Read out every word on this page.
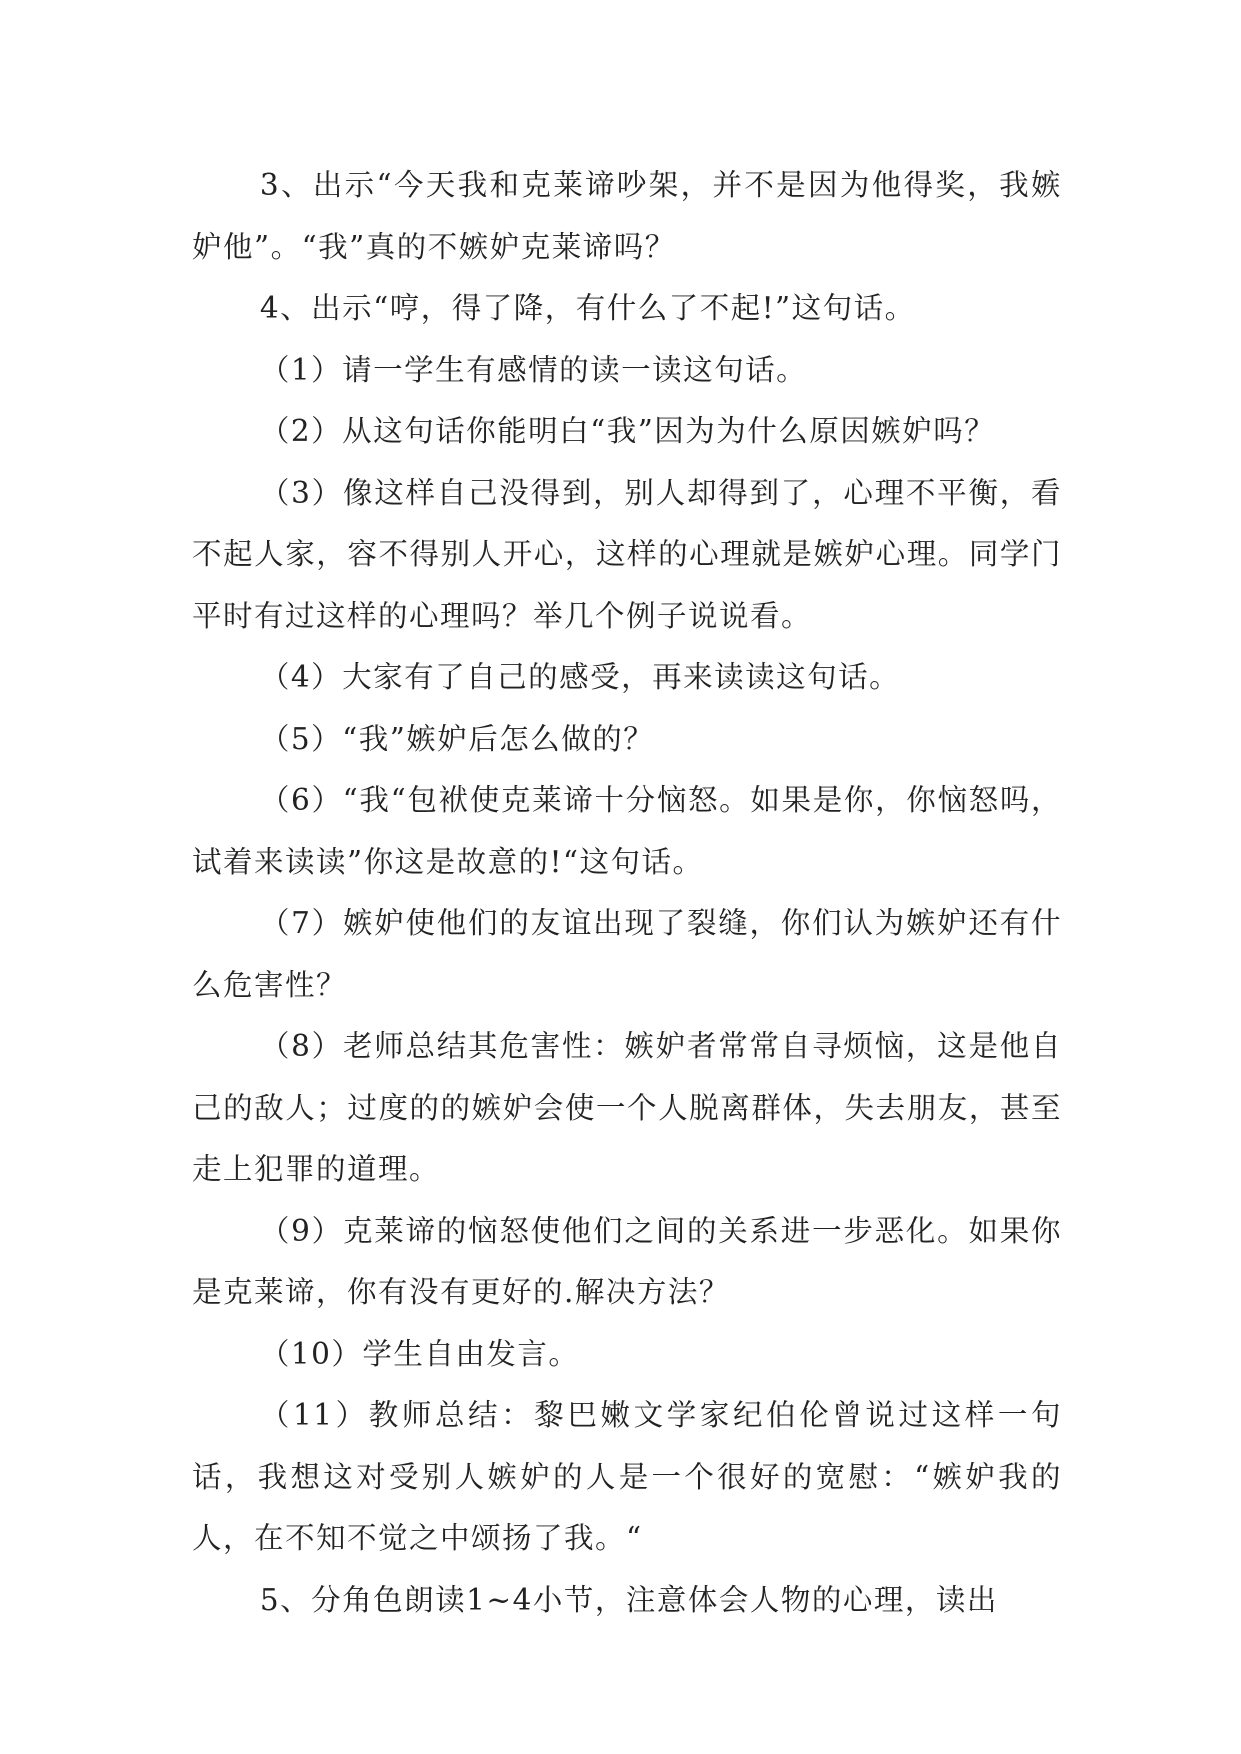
3、出示“今天我和克莱谛吵架，并不是因为他得奖，我嫉妒他”。“我”真的不嫉妒克莱谛吗？

4、出示“哼，得了降，有什么了不起!”这句话。

（1）请一学生有感情的读一读这句话。

（2）从这句话你能明白“我”因为为什么原因嫉妒吗？

（3）像这样自己没得到，别人却得到了，心理不平衡，看不起人家，容不得别人开心，这样的心理就是嫉妒心理。同学门平时有过这样的心理吗？举几个例子说说看。

（4）大家有了自己的感受，再来读读这句话。

（5）“我”嫉妒后怎么做的？

（6）“我“包袱使克莱谛十分恼怒。如果是你，你恼怒吗，试着来读读”你这是故意的!“这句话。

（7）嫉妒使他们的友谊出现了裂缝，你们认为嫉妒还有什么危害性？

（8）老师总结其危害性：嫉妒者常常自寻烦恼，这是他自己的敌人；过度的的嫉妒会使一个人脱离群体，失去朋友，甚至走上犯罪的道理。

（9）克莱谛的恼怒使他们之间的关系进一步恶化。如果你是克莱谛，你有没有更好的.解决方法？

（10）学生自由发言。

（11）教师总结：黎巴嫩文学家纪伯伦曾说过这样一句话，我想这对受别人嫉妒的人是一个很好的宽慰：“嫉妒我的人，在不知不觉之中颂扬了我。“

5、分角色朗读1~4小节，注意体会人物的心理，读出
